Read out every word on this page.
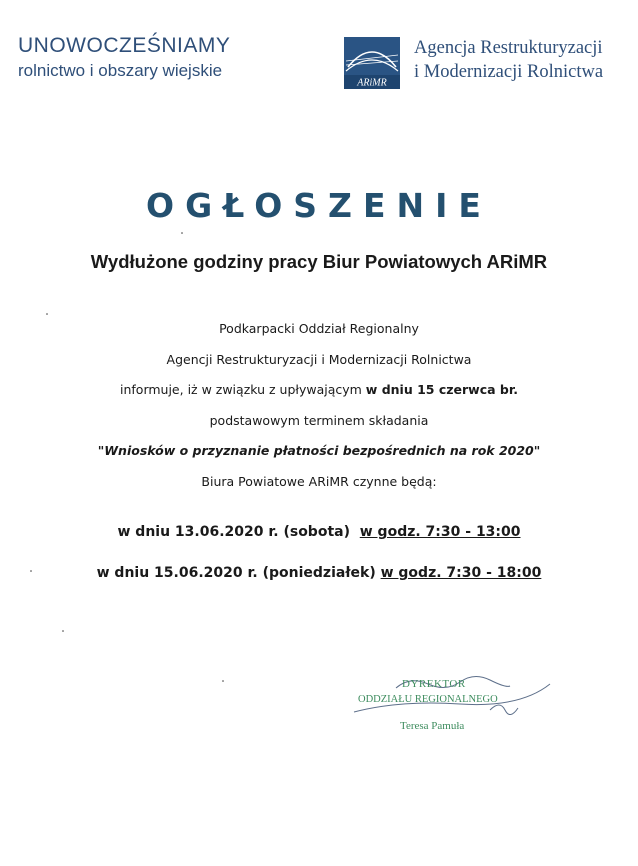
UNOWOCZEŚNIAMY
rolnictwo i obszary wiejskie
ARiMR
Agencja Restrukturyzacji
i Modernizacji Rolnictwa
OGŁOSZENIE
Wydłużone godziny pracy Biur Powiatowych ARiMR

Podkarpacki Oddział Regionalny

Agencji Restrukturyzacji i Modernizacji Rolnictwa

informuje, iż w związku z upływającym w dniu 15 czerwca br.

podstawowym terminem składania

"Wniosków o przyznanie płatności bezpośrednich na rok 2020"

Biura Powiatowe ARiMR czynne będą:

w dniu 13.06.2020 r. (sobota) w godz. 7:30 - 13:00
w dniu 15.06.2020 r. (poniedziałek) w godz. 7:30 - 18:00
DYREKTOR
ODDZIAŁU REGIONALNEGO
Teresa Pamuła
